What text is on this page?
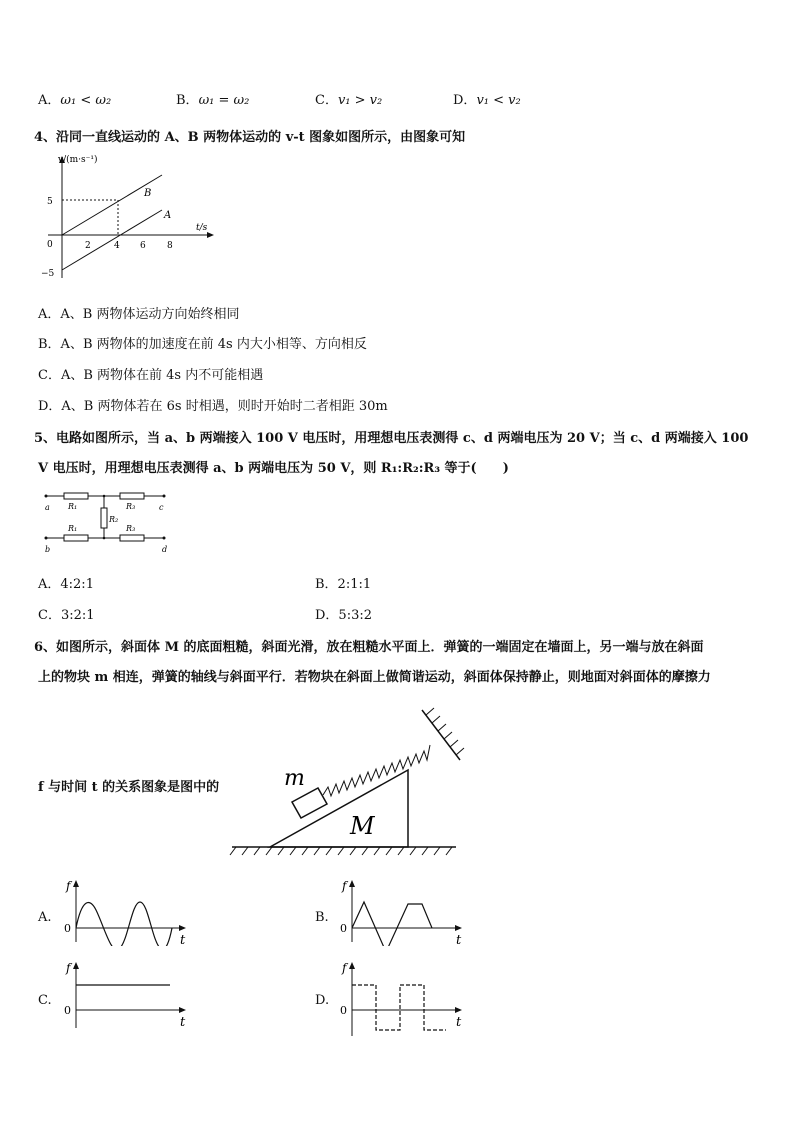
A．ω₁ < ω₂	B．ω₁ = ω₂	C．v₁ > v₂	D．v₁ < v₂
4、沿同一直线运动的 A、B 两物体运动的 v-t 图象如图所示，由图象可知
v/(m·s⁻¹)
t/s
B
A
2	4 6 8
5
0
−5
A．A、B 两物体运动方向始终相同
B．A、B 两物体的加速度在前 4s 内大小相等、方向相反
C．A、B 两物体在前 4s 内不可能相遇
D．A、B 两物体若在 6s 时相遇，则时开始时二者相距 30m
5、电路如图所示，当 a、b 两端接入 100 V 电压时，用理想电压表测得 c、d 两端电压为 20 V；当 c、d 两端接入 100
V 电压时，用理想电压表测得 a、b 两端电压为 50 V，则 R₁:R₂:R₃ 等于(　　)
a
b
c
d
R₁
R₁
R₂
R₃
R₃
A．4:2:1	B．2:1:1
C．3:2:1	D．5:3:2
6、如图所示，斜面体 M 的底面粗糙，斜面光滑，放在粗糙水平面上．弹簧的一端固定在墙面上，另一端与放在斜面
上的物块 m 相连，弹簧的轴线与斜面平行．若物块在斜面上做简谐运动，斜面体保持静止，则地面对斜面体的摩擦力
f 与时间 t 的关系图象是图中的
M
m
A.
f
0
t
B.
f
0
t
C.
f
0
t
D.
f
0
t
